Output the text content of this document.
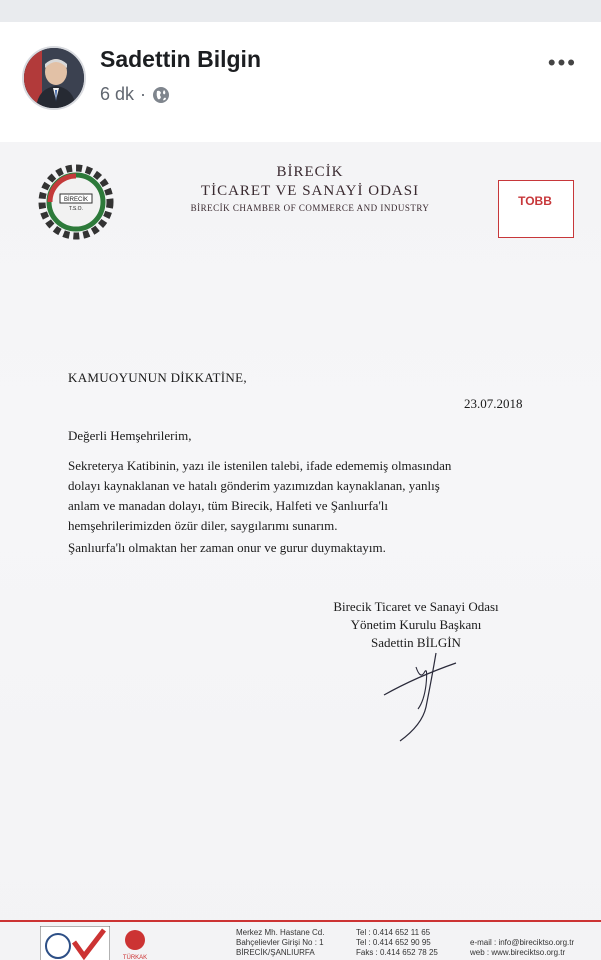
Sadettin Bilgin
6 dk ·
•••
BİRECİK
T.S.O.
BİRECİK
TİCARET VE SANAYİ ODASI
BİRECİK CHAMBER OF COMMERCE AND INDUSTRY	TOBB
KAMUOYUNUN DİKKATİNE,
23.07.2018
Değerli Hemşehrilerim,
Sekreterya Katibinin, yazı ile istenilen talebi, ifade edememiş olmasından
dolayı kaynaklanan ve hatalı gönderim yazımızdan kaynaklanan, yanlış
anlam ve manadan dolayı, tüm Birecik, Halfeti ve Şanlıurfa'lı
hemşehrilerimizden özür diler, saygılarımı sunarım.
Şanlıurfa'lı olmaktan her zaman onur ve gurur duymaktayım.
Birecik Ticaret ve Sanayi Odası
Yönetim Kurulu Başkanı
Sadettin BİLGİN
TÜRKAK
Merkez Mh. Hastane Cd.
Bahçelievler Girişi No : 1
BİRECİK/ŞANLIURFA
Tel : 0.414 652 11 65
Tel : 0.414 652 90 95
Faks : 0.414 652 78 25
e-mail : info@bireciktso.org.tr
web : www.bireciktso.org.tr
